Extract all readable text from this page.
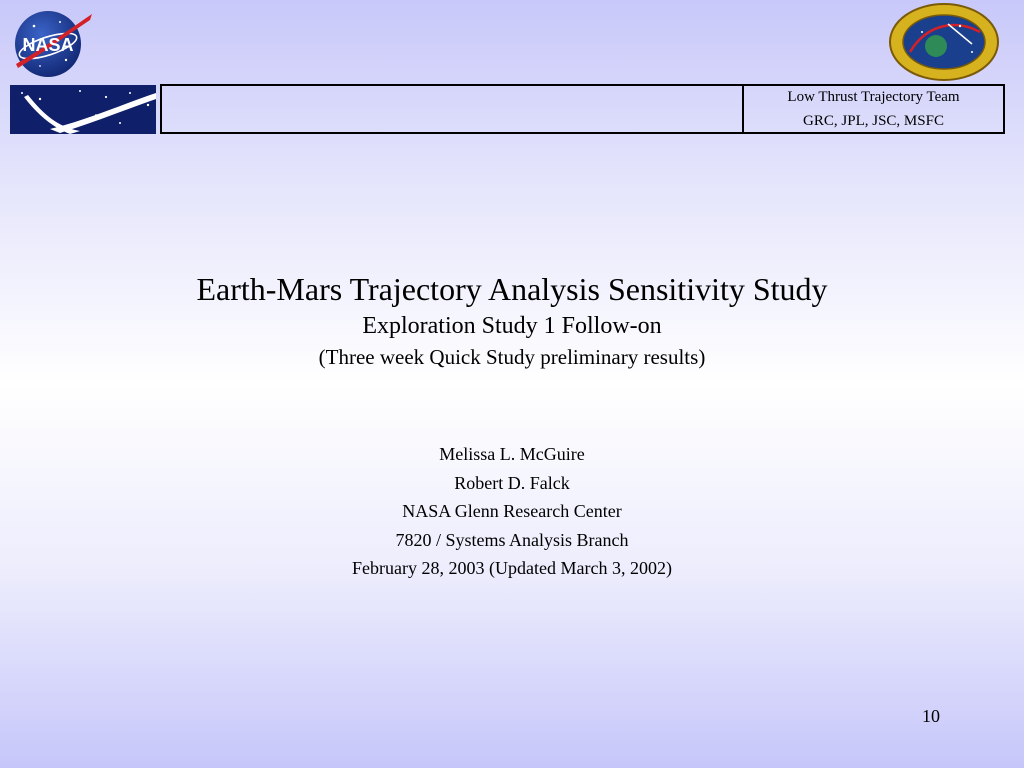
NASA
Low Thrust Trajectory Team
GRC, JPL, JSC, MSFC
Earth-Mars Trajectory Analysis Sensitivity Study
Exploration Study 1 Follow-on
(Three week Quick Study preliminary results)
Melissa L. McGuire
Robert D. Falck
NASA Glenn Research Center
7820 / Systems Analysis Branch
February 28, 2003 (Updated March 3, 2002)
10
